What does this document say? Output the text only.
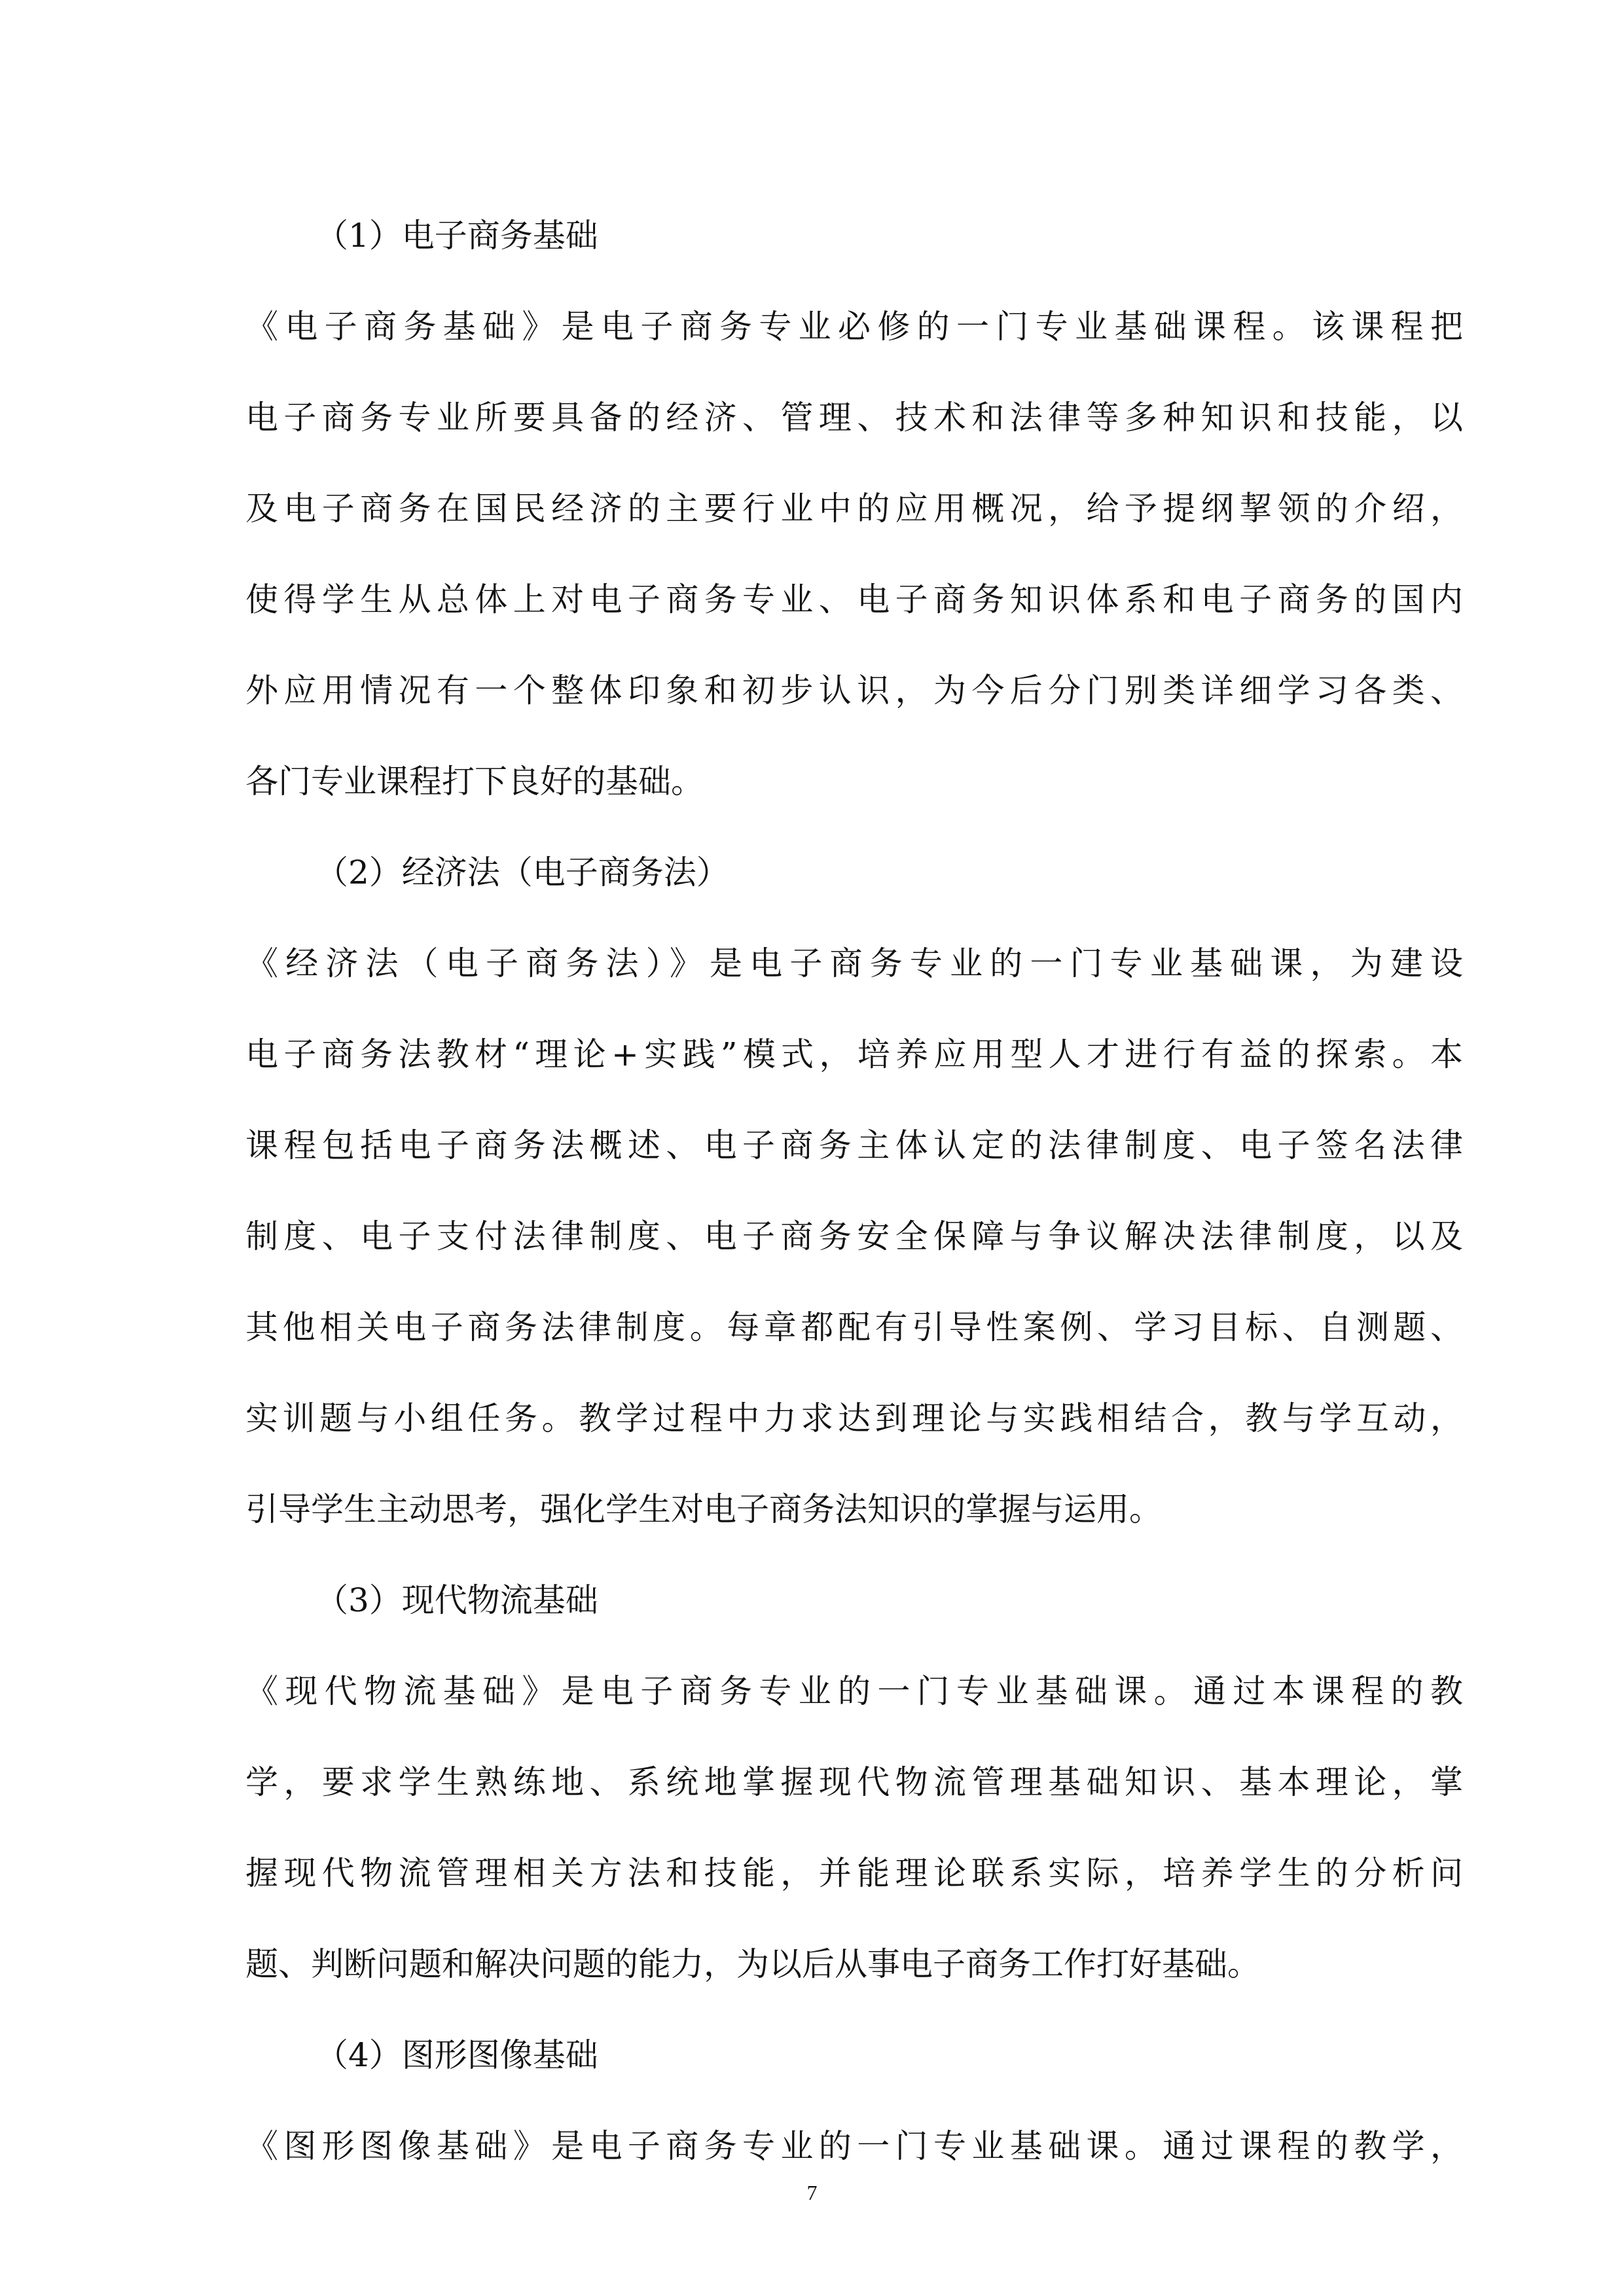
（1）电子商务基础
《电子商务基础》是电子商务专业必修的一门专业基础课程。该课程把
电子商务专业所要具备的经济、管理、技术和法律等多种知识和技能，以
及电子商务在国民经济的主要行业中的应用概况，给予提纲挈领的介绍，
使得学生从总体上对电子商务专业、电子商务知识体系和电子商务的国内
外应用情况有一个整体印象和初步认识，为今后分门别类详细学习各类、
各门专业课程打下良好的基础。
（2）经济法（电子商务法）
《经济法（电子商务法）》是电子商务专业的一门专业基础课，为建设
电子商务法教材“理论+实践”模式，培养应用型人才进行有益的探索。本
课程包括电子商务法概述、电子商务主体认定的法律制度、电子签名法律
制度、电子支付法律制度、电子商务安全保障与争议解决法律制度，以及
其他相关电子商务法律制度。每章都配有引导性案例、学习目标、自测题、
实训题与小组任务。教学过程中力求达到理论与实践相结合，教与学互动，
引导学生主动思考，强化学生对电子商务法知识的掌握与运用。
（3）现代物流基础
《现代物流基础》是电子商务专业的一门专业基础课。通过本课程的教
学，要求学生熟练地、系统地掌握现代物流管理基础知识、基本理论，掌
握现代物流管理相关方法和技能，并能理论联系实际，培养学生的分析问
题、判断问题和解决问题的能力，为以后从事电子商务工作打好基础。
（4）图形图像基础
《图形图像基础》是电子商务专业的一门专业基础课。通过课程的教学，
7
